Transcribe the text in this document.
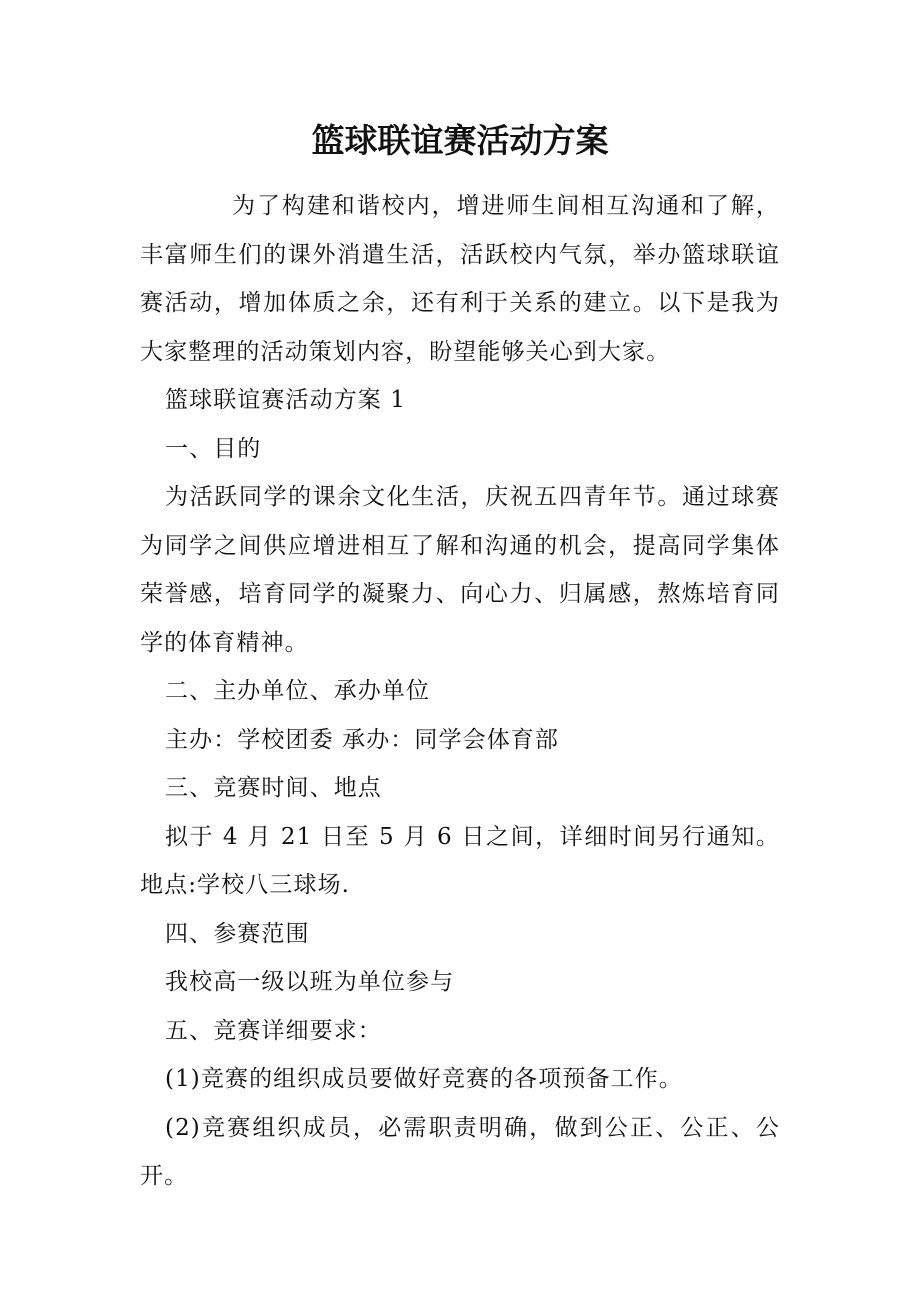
篮球联谊赛活动方案

为了构建和谐校内，增进师生间相互沟通和了解，丰富师生们的课外消遣生活，活跃校内气氛，举办篮球联谊赛活动，增加体质之余，还有利于关系的建立。以下是我为大家整理的活动策划内容，盼望能够关心到大家。

篮球联谊赛活动方案 1

一、目的

为活跃同学的课余文化生活，庆祝五四青年节。通过球赛为同学之间供应增进相互了解和沟通的机会，提高同学集体荣誉感，培育同学的凝聚力、向心力、归属感，熬炼培育同学的体育精神。

二、主办单位、承办单位

主办：学校团委 承办：同学会体育部

三、竞赛时间、地点

拟于 4 月 21 日至 5 月 6 日之间，详细时间另行通知。地点:学校八三球场.

四、参赛范围

我校高一级以班为单位参与

五、竞赛详细要求：

(1)竞赛的组织成员要做好竞赛的各项预备工作。

(2)竞赛组织成员，必需职责明确，做到公正、公正、公开。
